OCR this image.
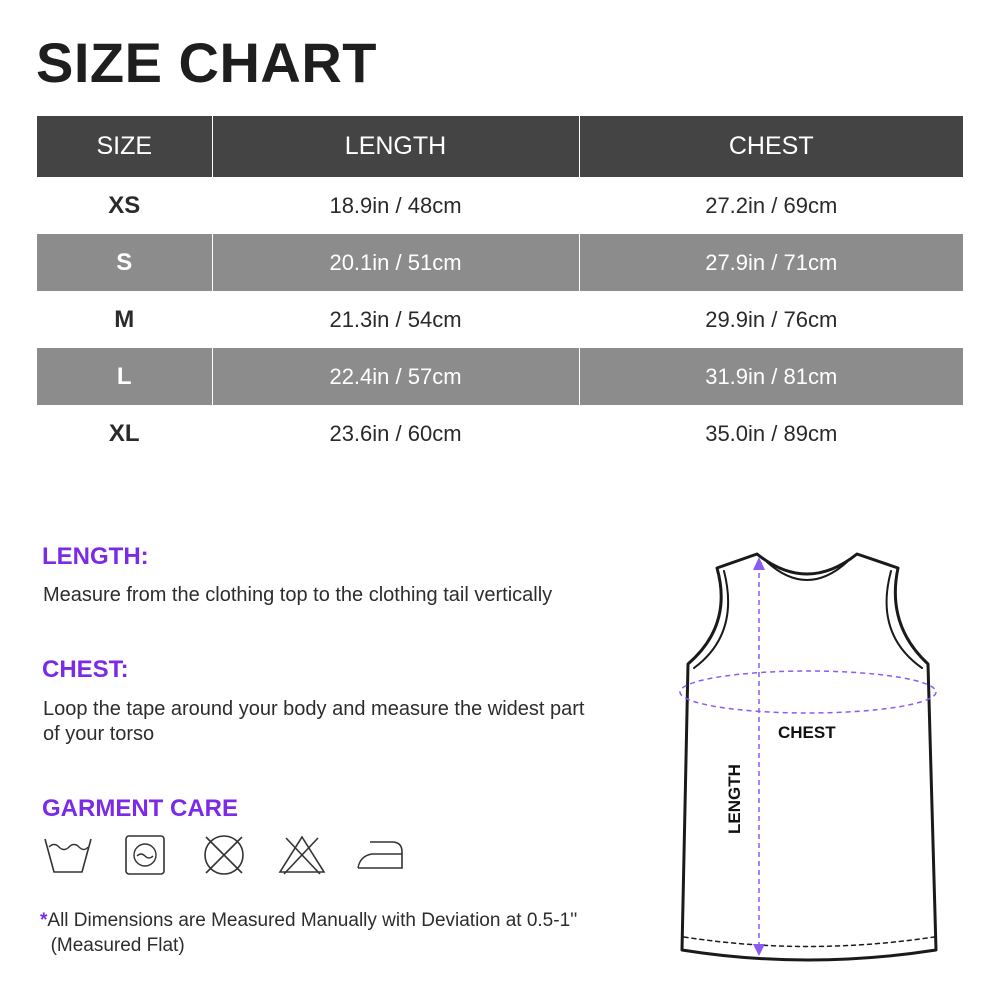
SIZE CHART
SIZE	LENGTH	CHEST
XS	18.9in / 48cm	27.2in / 69cm
S	20.1in / 51cm	27.9in / 71cm
M	21.3in / 54cm	29.9in / 76cm
L	22.4in / 57cm	31.9in / 81cm
XL	23.6in / 60cm	35.0in / 89cm
LENGTH:

Measure from the clothing top to the clothing tail vertically

CHEST:

Loop the tape around your body and measure the widest part
of your torso

GARMENT CARE

*All Dimensions are Measured Manually with Deviation at 0.5-1''
(Measured Flat)

CHEST
LENGTH
